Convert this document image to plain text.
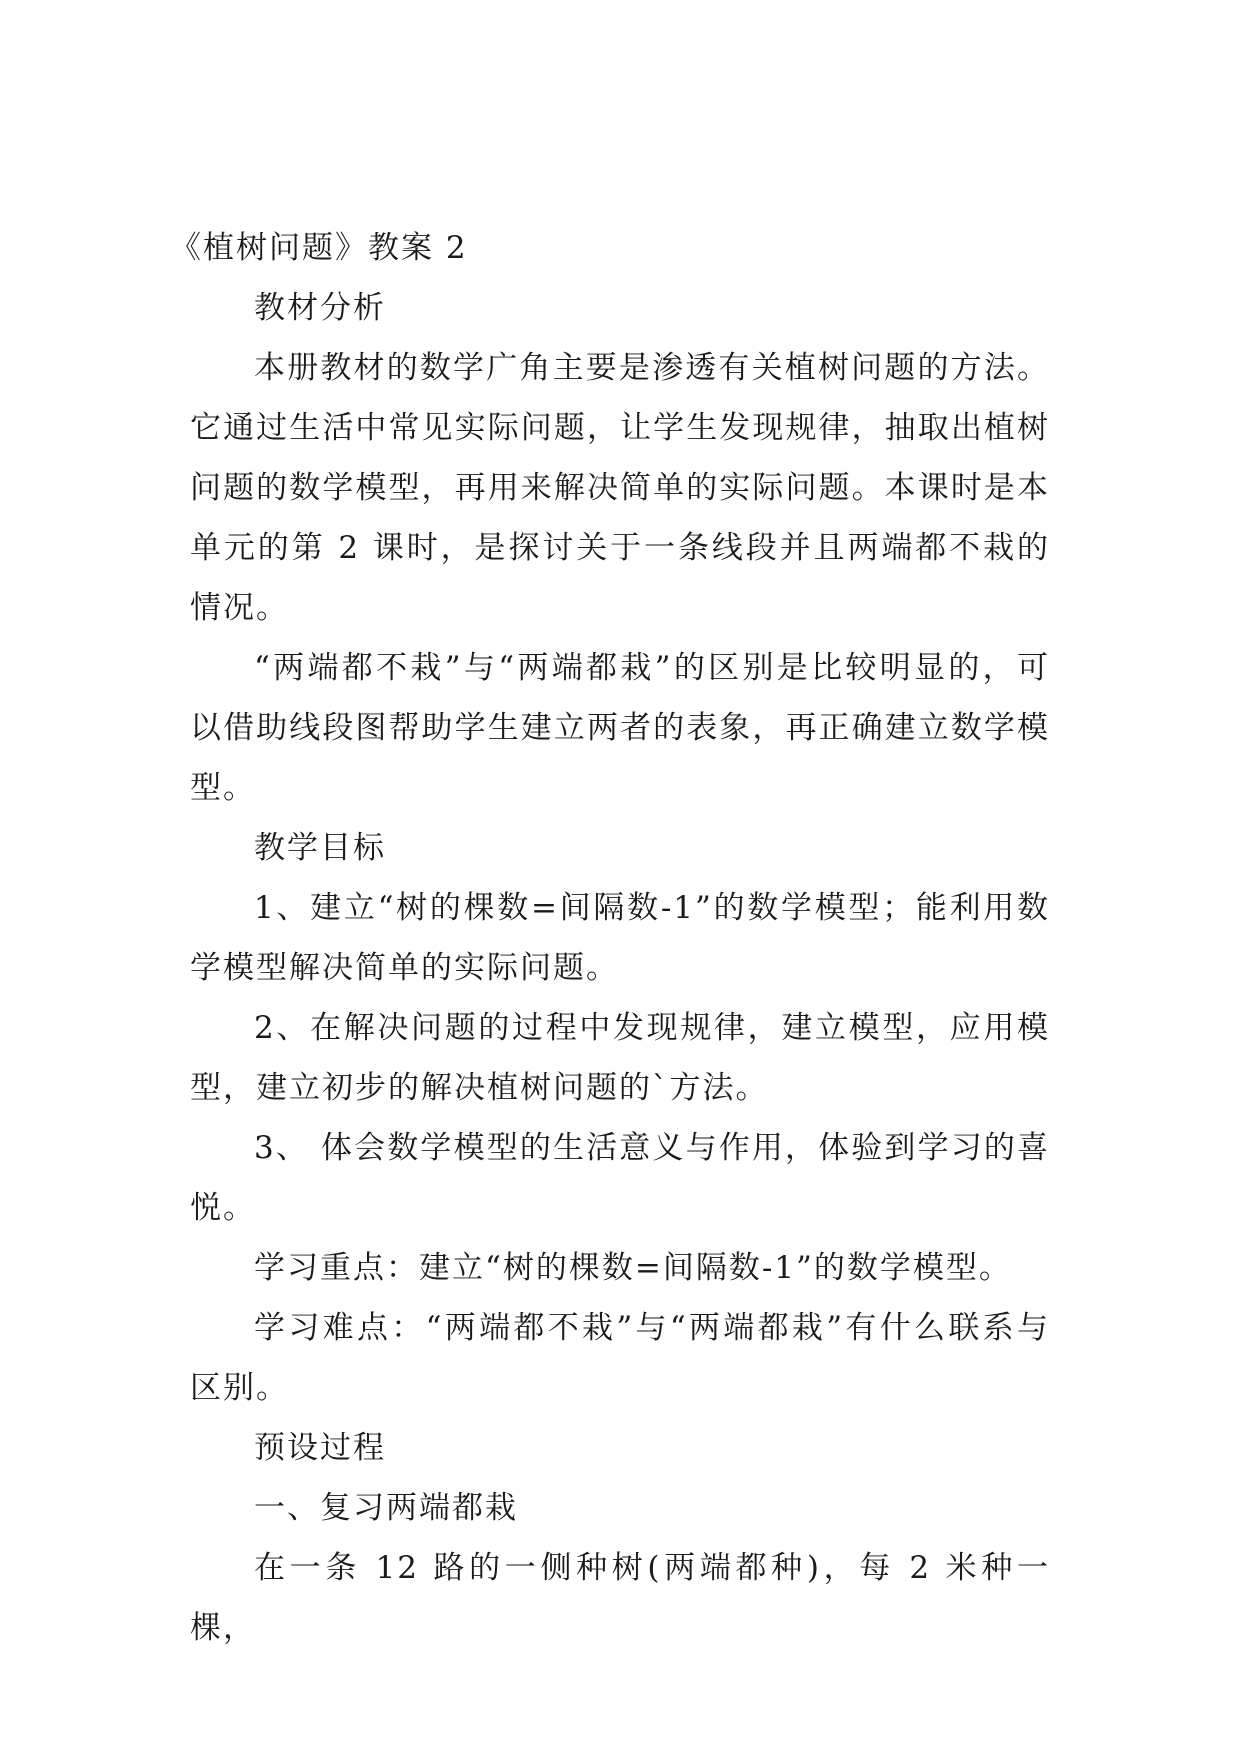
《植树问题》教案 2

教材分析

本册教材的数学广角主要是渗透有关植树问题的方法。它通过生活中常见实际问题，让学生发现规律，抽取出植树问题的数学模型，再用来解决简单的实际问题。本课时是本单元的第 2 课时，是探讨关于一条线段并且两端都不栽的情况。

“两端都不栽”与“两端都栽”的区别是比较明显的，可以借助线段图帮助学生建立两者的表象，再正确建立数学模型。

教学目标

1、建立“树的棵数=间隔数-1”的数学模型；能利用数学模型解决简单的实际问题。

2、在解决问题的过程中发现规律，建立模型，应用模型，建立初步的解决植树问题的`方法。

3、 体会数学模型的生活意义与作用，体验到学习的喜悦。

学习重点：建立“树的棵数=间隔数-1”的数学模型。

学习难点：“两端都不栽”与“两端都栽”有什么联系与区别。

预设过程

一、复习两端都栽

在一条 12 路的一侧种树(两端都种)，每 2 米种一棵，
